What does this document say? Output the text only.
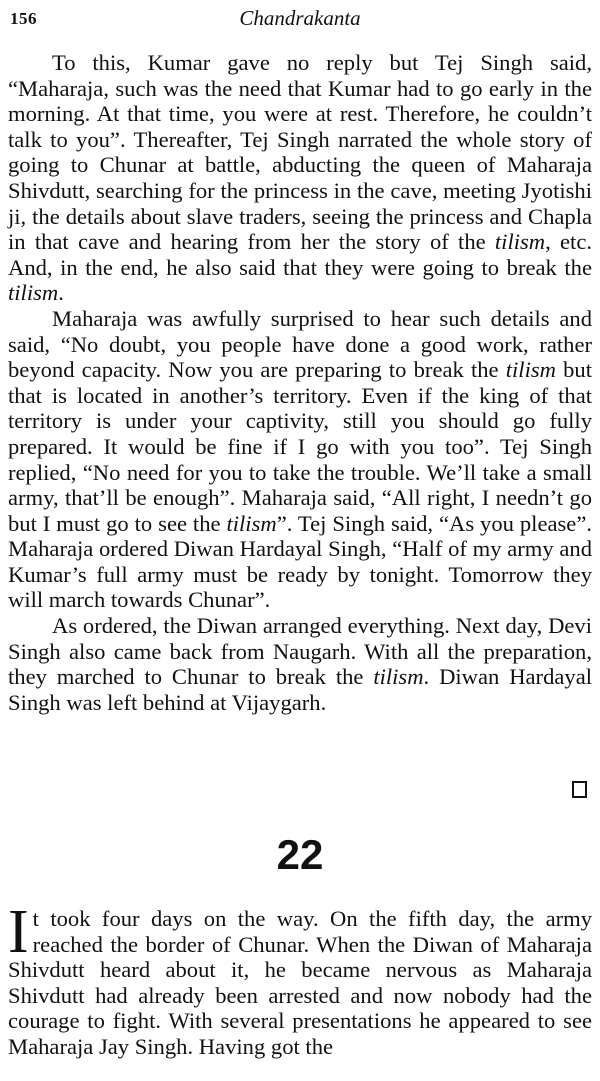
156	Chandrakanta

To this, Kumar gave no reply but Tej Singh said, “Maharaja, such was the need that Kumar had to go early in the morning. At that time, you were at rest. Therefore, he couldn’t talk to you”. Thereafter, Tej Singh narrated the whole story of going to Chunar at battle, abducting the queen of Maharaja Shivdutt, searching for the princess in the cave, meeting Jyotishi ji, the details about slave traders, seeing the princess and Chapla in that cave and hearing from her the story of the tilism, etc. And, in the end, he also said that they were going to break the tilism.

Maharaja was awfully surprised to hear such details and said, “No doubt, you people have done a good work, rather beyond capacity. Now you are preparing to break the tilism but that is located in another’s territory. Even if the king of that territory is under your captivity, still you should go fully prepared. It would be fine if I go with you too”. Tej Singh replied, “No need for you to take the trouble. We’ll take a small army, that’ll be enough”. Maharaja said, “All right, I needn’t go but I must go to see the tilism”. Tej Singh said, “As you please”. Maharaja ordered Diwan Hardayal Singh, “Half of my army and Kumar’s full army must be ready by tonight. Tomorrow they will march towards Chunar”.

As ordered, the Diwan arranged everything. Next day, Devi Singh also came back from Naugarh. With all the preparation, they marched to Chunar to break the tilism. Diwan Hardayal Singh was left behind at Vijaygarh.

22

It took four days on the way. On the fifth day, the army reached the border of Chunar. When the Diwan of Maharaja Shivdutt heard about it, he became nervous as Maharaja Shivdutt had already been arrested and now nobody had the courage to fight. With several presentations he appeared to see Maharaja Jay Singh. Having got the
